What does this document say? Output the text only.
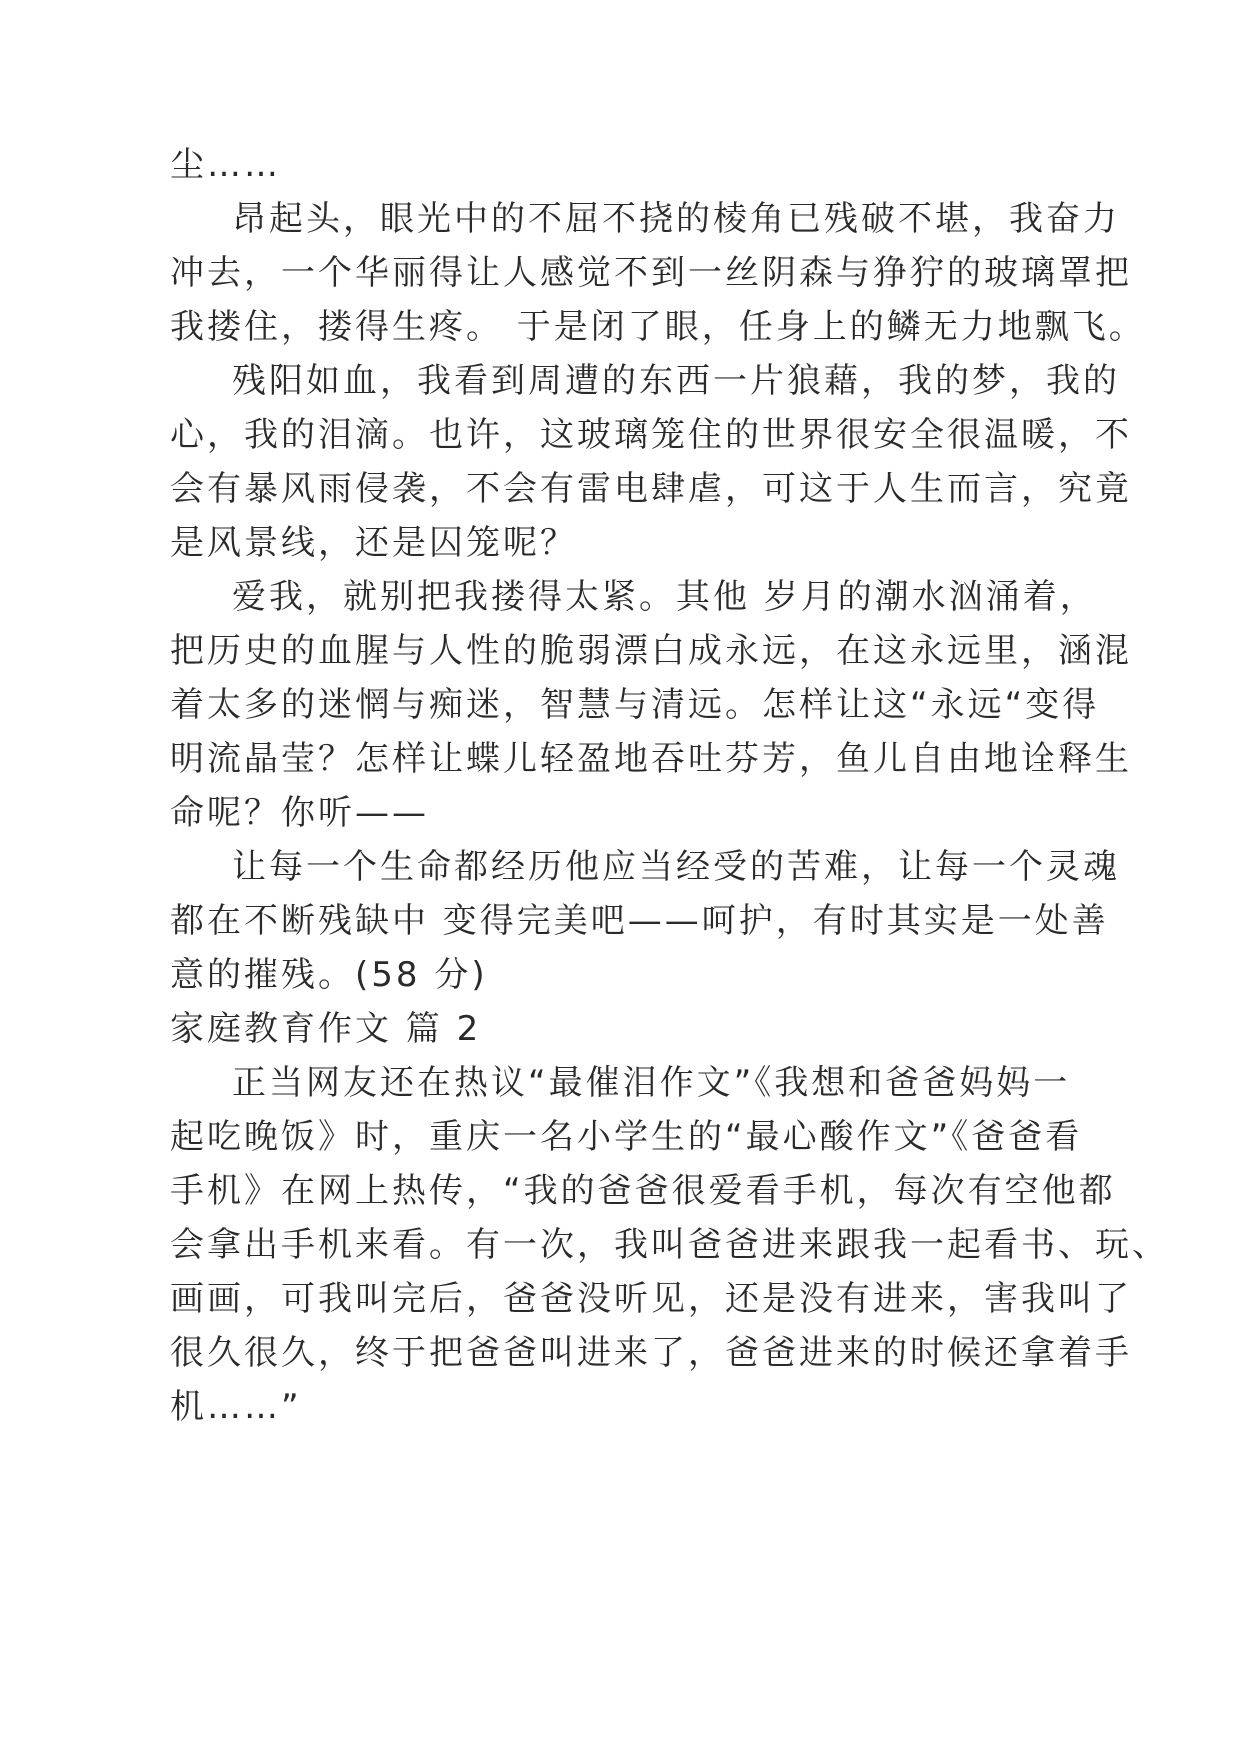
尘……
昂起头，眼光中的不屈不挠的棱角已残破不堪，我奋力
冲去，一个华丽得让人感觉不到一丝阴森与狰狞的玻璃罩把
我搂住，搂得生疼。 于是闭了眼，任身上的鳞无力地飘飞。
残阳如血，我看到周遭的东西一片狼藉，我的梦，我的
心，我的泪滴。也许，这玻璃笼住的世界很安全很温暖，不
会有暴风雨侵袭，不会有雷电肆虐，可这于人生而言，究竟
是风景线，还是囚笼呢？
爱我，就别把我搂得太紧。其他 岁月的潮水汹涌着，
把历史的血腥与人性的脆弱漂白成永远，在这永远里，涵混
着太多的迷惘与痴迷，智慧与清远。怎样让这“永远“变得
明流晶莹？怎样让蝶儿轻盈地吞吐芬芳，鱼儿自由地诠释生
命呢？你听——
让每一个生命都经历他应当经受的苦难，让每一个灵魂
都在不断残缺中 变得完美吧——呵护，有时其实是一处善
意的摧残。(58 分)
家庭教育作文 篇 2
正当网友还在热议“最催泪作文”《我想和爸爸妈妈一
起吃晚饭》时，重庆一名小学生的“最心酸作文”《爸爸看
手机》在网上热传，“我的爸爸很爱看手机，每次有空他都
会拿出手机来看。有一次，我叫爸爸进来跟我一起看书、玩、
画画，可我叫完后，爸爸没听见，还是没有进来，害我叫了
很久很久，终于把爸爸叫进来了，爸爸进来的时候还拿着手
机……”
